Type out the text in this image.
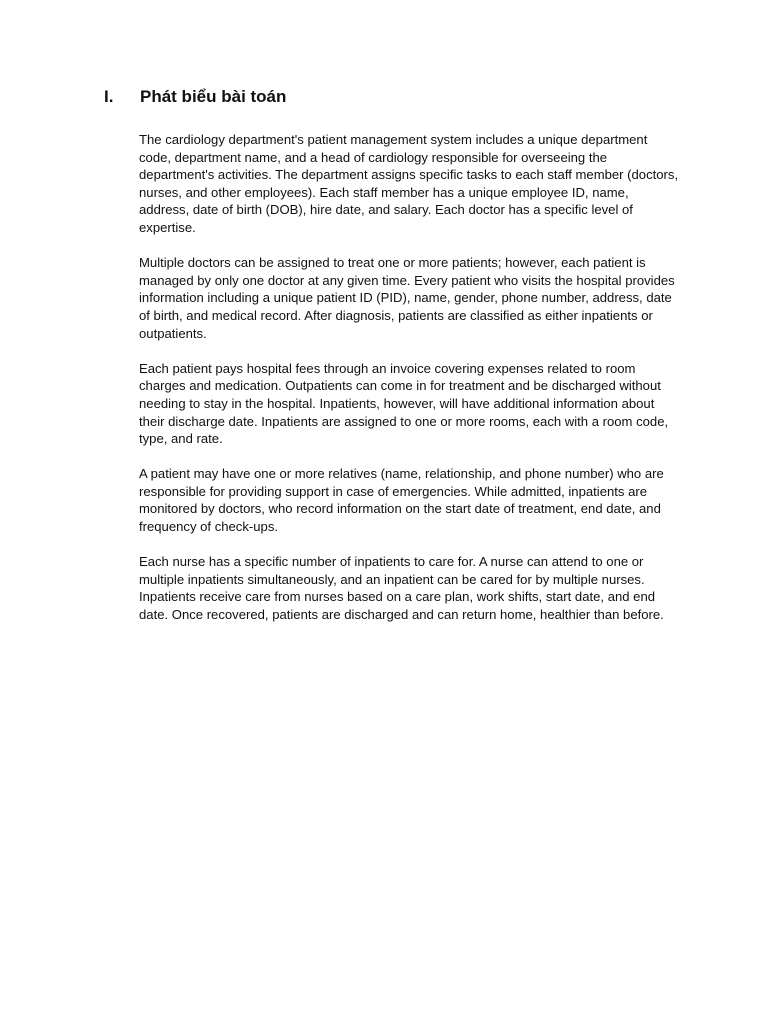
I. Phát biểu bài toán

The cardiology department's patient management system includes a unique department code, department name, and a head of cardiology responsible for overseeing the department's activities. The department assigns specific tasks to each staff member (doctors, nurses, and other employees). Each staff member has a unique employee ID, name, address, date of birth (DOB), hire date, and salary. Each doctor has a specific level of expertise.

Multiple doctors can be assigned to treat one or more patients; however, each patient is managed by only one doctor at any given time. Every patient who visits the hospital provides information including a unique patient ID (PID), name, gender, phone number, address, date of birth, and medical record. After diagnosis, patients are classified as either inpatients or outpatients.

Each patient pays hospital fees through an invoice covering expenses related to room charges and medication. Outpatients can come in for treatment and be discharged without needing to stay in the hospital. Inpatients, however, will have additional information about their discharge date. Inpatients are assigned to one or more rooms, each with a room code, type, and rate.

A patient may have one or more relatives (name, relationship, and phone number) who are responsible for providing support in case of emergencies. While admitted, inpatients are monitored by doctors, who record information on the start date of treatment, end date, and frequency of check-ups.

Each nurse has a specific number of inpatients to care for. A nurse can attend to one or multiple inpatients simultaneously, and an inpatient can be cared for by multiple nurses. Inpatients receive care from nurses based on a care plan, work shifts, start date, and end date. Once recovered, patients are discharged and can return home, healthier than before.
